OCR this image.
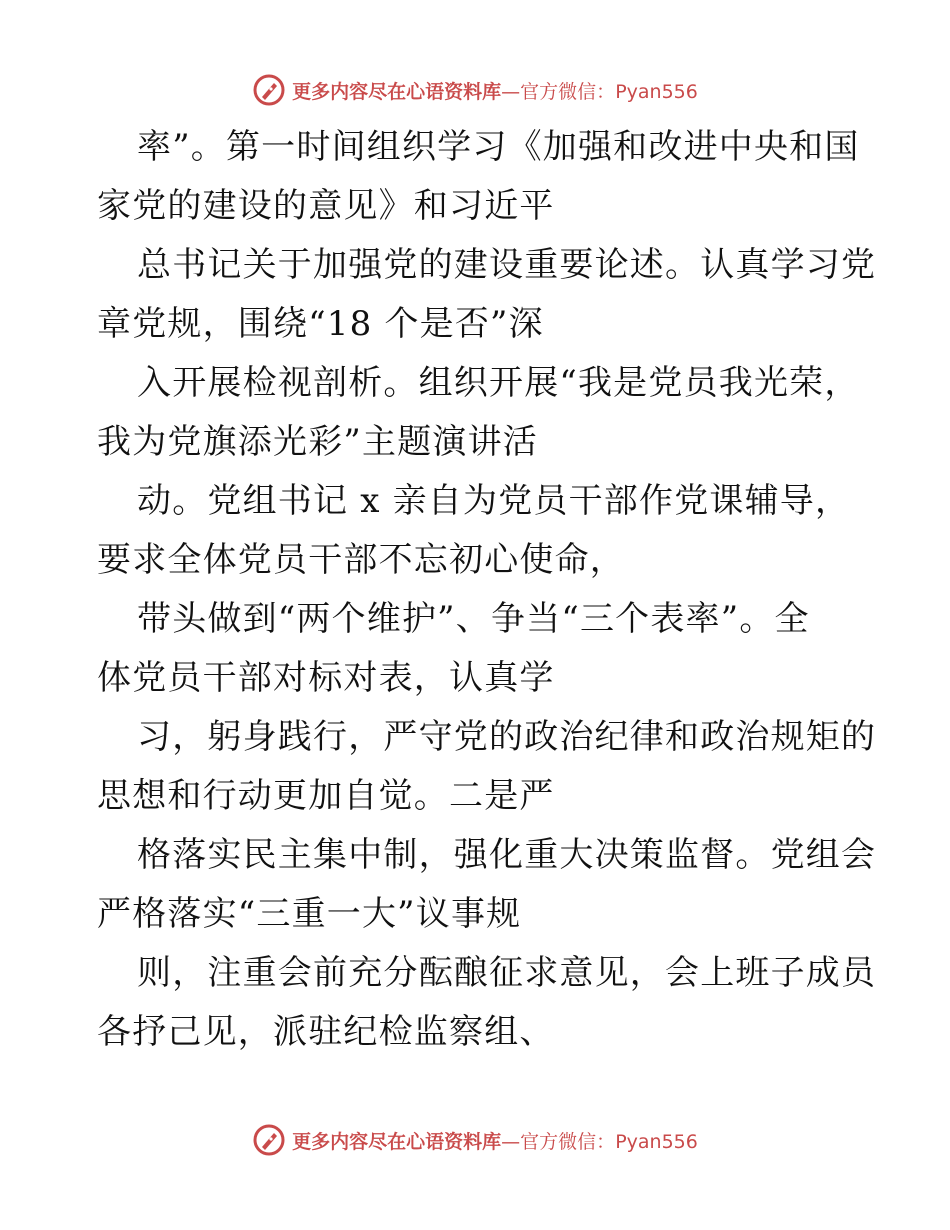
更多内容尽在心语资料库—官方微信：Pyan556
率”。第一时间组织学习《加强和改进中央和国
家党的建设的意见》和习近平
总书记关于加强党的建设重要论述。认真学习党
章党规，围绕“18 个是否”深
入开展检视剖析。组织开展“我是党员我光荣，
我为党旗添光彩”主题演讲活
动。党组书记 x 亲自为党员干部作党课辅导，
要求全体党员干部不忘初心使命，
带头做到“两个维护”、争当“三个表率”。全
体党员干部对标对表，认真学
习，躬身践行，严守党的政治纪律和政治规矩的
思想和行动更加自觉。二是严
格落实民主集中制，强化重大决策监督。党组会
严格落实“三重一大”议事规
则，注重会前充分酝酿征求意见，会上班子成员
各抒己见，派驻纪检监察组、
更多内容尽在心语资料库—官方微信：Pyan556
